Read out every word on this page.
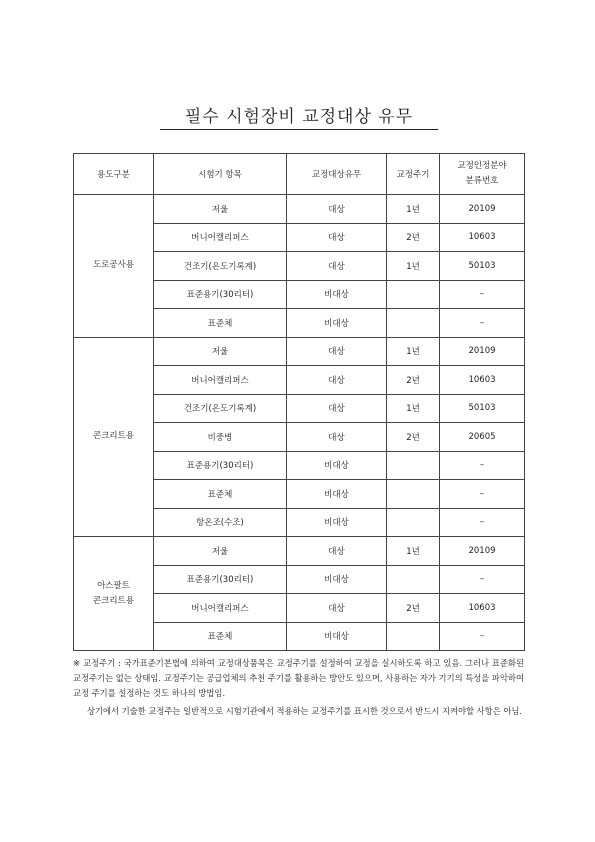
필수 시험장비 교정대상 유무
용도구분	시험기 항목	교정대상유무	교정주기	교정인정분야
분류번호
도로공사용	저울	대상	1년	20109
	버니어캘리퍼스	대상	2년	10603
	건조기(온도기록계)	대상	1년	50103
	표준용기(30리터)	비대상		–
	표준체	비대상		–
콘크리트용	저울	대상	1년	20109
	버니어캘리퍼스	대상	2년	10603
	건조기(온도기록계)	대상	1년	50103
	비중병	대상	2년	20605
	표준용기(30리터)	비대상		–
	표준체	비대상		–
	항온조(수조)	비대상		–
아스팔트
콘크리트용	저울	대상	1년	20109
	표준용기(30리터)	비대상		–
	버니어캘리퍼스	대상	2년	10603
	표준체	비대상		–

※ 교정주기 : 국가표준기본법에 의하여 교정대상품목은 교정주기를 설정하여 교정을 실시하도록 하고 있음. 그러나 표준화된 교정주기는 없는 상태임. 교정주기는 공급업체의 추천 주기를 활용하는 방안도 있으며, 사용하는 자가 기기의 특성을 파악하여 교정 주기를 설정하는 것도 하나의 방법임.

상기에서 기술한 교정주는 일반적으로 시험기관에서 적용하는 교정주기를 표시한 것으로서 반드시 지켜야할 사항은 아님.
